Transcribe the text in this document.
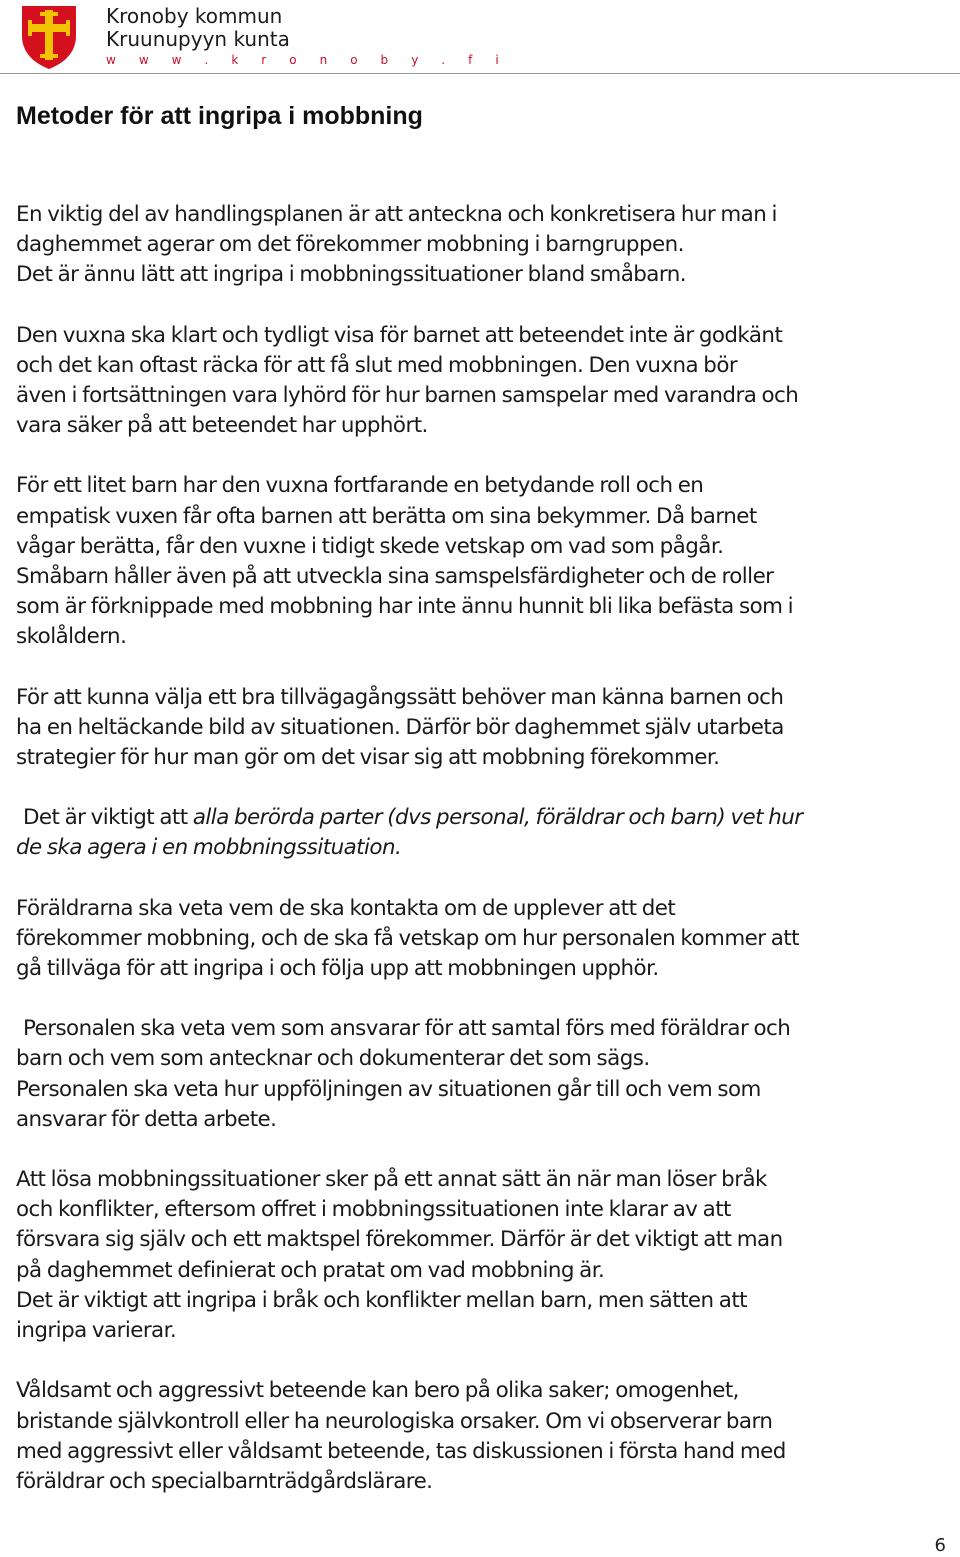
Kronoby kommun
Kruunupyyn kunta
w w w . k r o n o b y . f i
Metoder för att ingripa i mobbning

En viktig del av handlingsplanen är att anteckna och konkretisera hur man i
daghemmet agerar om det förekommer mobbning i barngruppen.
Det är ännu lätt att ingripa i mobbningssituationer bland småbarn.

Den vuxna ska klart och tydligt visa för barnet att beteendet inte är godkänt
och det kan oftast räcka för att få slut med mobbningen. Den vuxna bör
även i fortsättningen vara lyhörd för hur barnen samspelar med varandra och
vara säker på att beteendet har upphört.

För ett litet barn har den vuxna fortfarande en betydande roll och en
empatisk vuxen får ofta barnen att berätta om sina bekymmer. Då barnet
vågar berätta, får den vuxne i tidigt skede vetskap om vad som pågår.
Småbarn håller även på att utveckla sina samspelsfärdigheter och de roller
som är förknippade med mobbning har inte ännu hunnit bli lika befästa som i
skolåldern.

För att kunna välja ett bra tillvägagångssätt behöver man känna barnen och
ha en heltäckande bild av situationen. Därför bör daghemmet själv utarbeta
strategier för hur man gör om det visar sig att mobbning förekommer.

Det är viktigt att alla berörda parter (dvs personal, föräldrar och barn) vet hur
de ska agera i en mobbningssituation.

Föräldrarna ska veta vem de ska kontakta om de upplever att det
förekommer mobbning, och de ska få vetskap om hur personalen kommer att
gå tillväga för att ingripa i och följa upp att mobbningen upphör.

Personalen ska veta vem som ansvarar för att samtal förs med föräldrar och
barn och vem som antecknar och dokumenterar det som sägs.
Personalen ska veta hur uppföljningen av situationen går till och vem som
ansvarar för detta arbete.

Att lösa mobbningssituationer sker på ett annat sätt än när man löser bråk
och konflikter, eftersom offret i mobbningssituationen inte klarar av att
försvara sig själv och ett maktspel förekommer. Därför är det viktigt att man
på daghemmet definierat och pratat om vad mobbning är.
Det är viktigt att ingripa i bråk och konflikter mellan barn, men sätten att
ingripa varierar.

Våldsamt och aggressivt beteende kan bero på olika saker; omogenhet,
bristande självkontroll eller ha neurologiska orsaker. Om vi observerar barn
med aggressivt eller våldsamt beteende, tas diskussionen i första hand med
föräldrar och specialbarnträdgårdslärare.

6
